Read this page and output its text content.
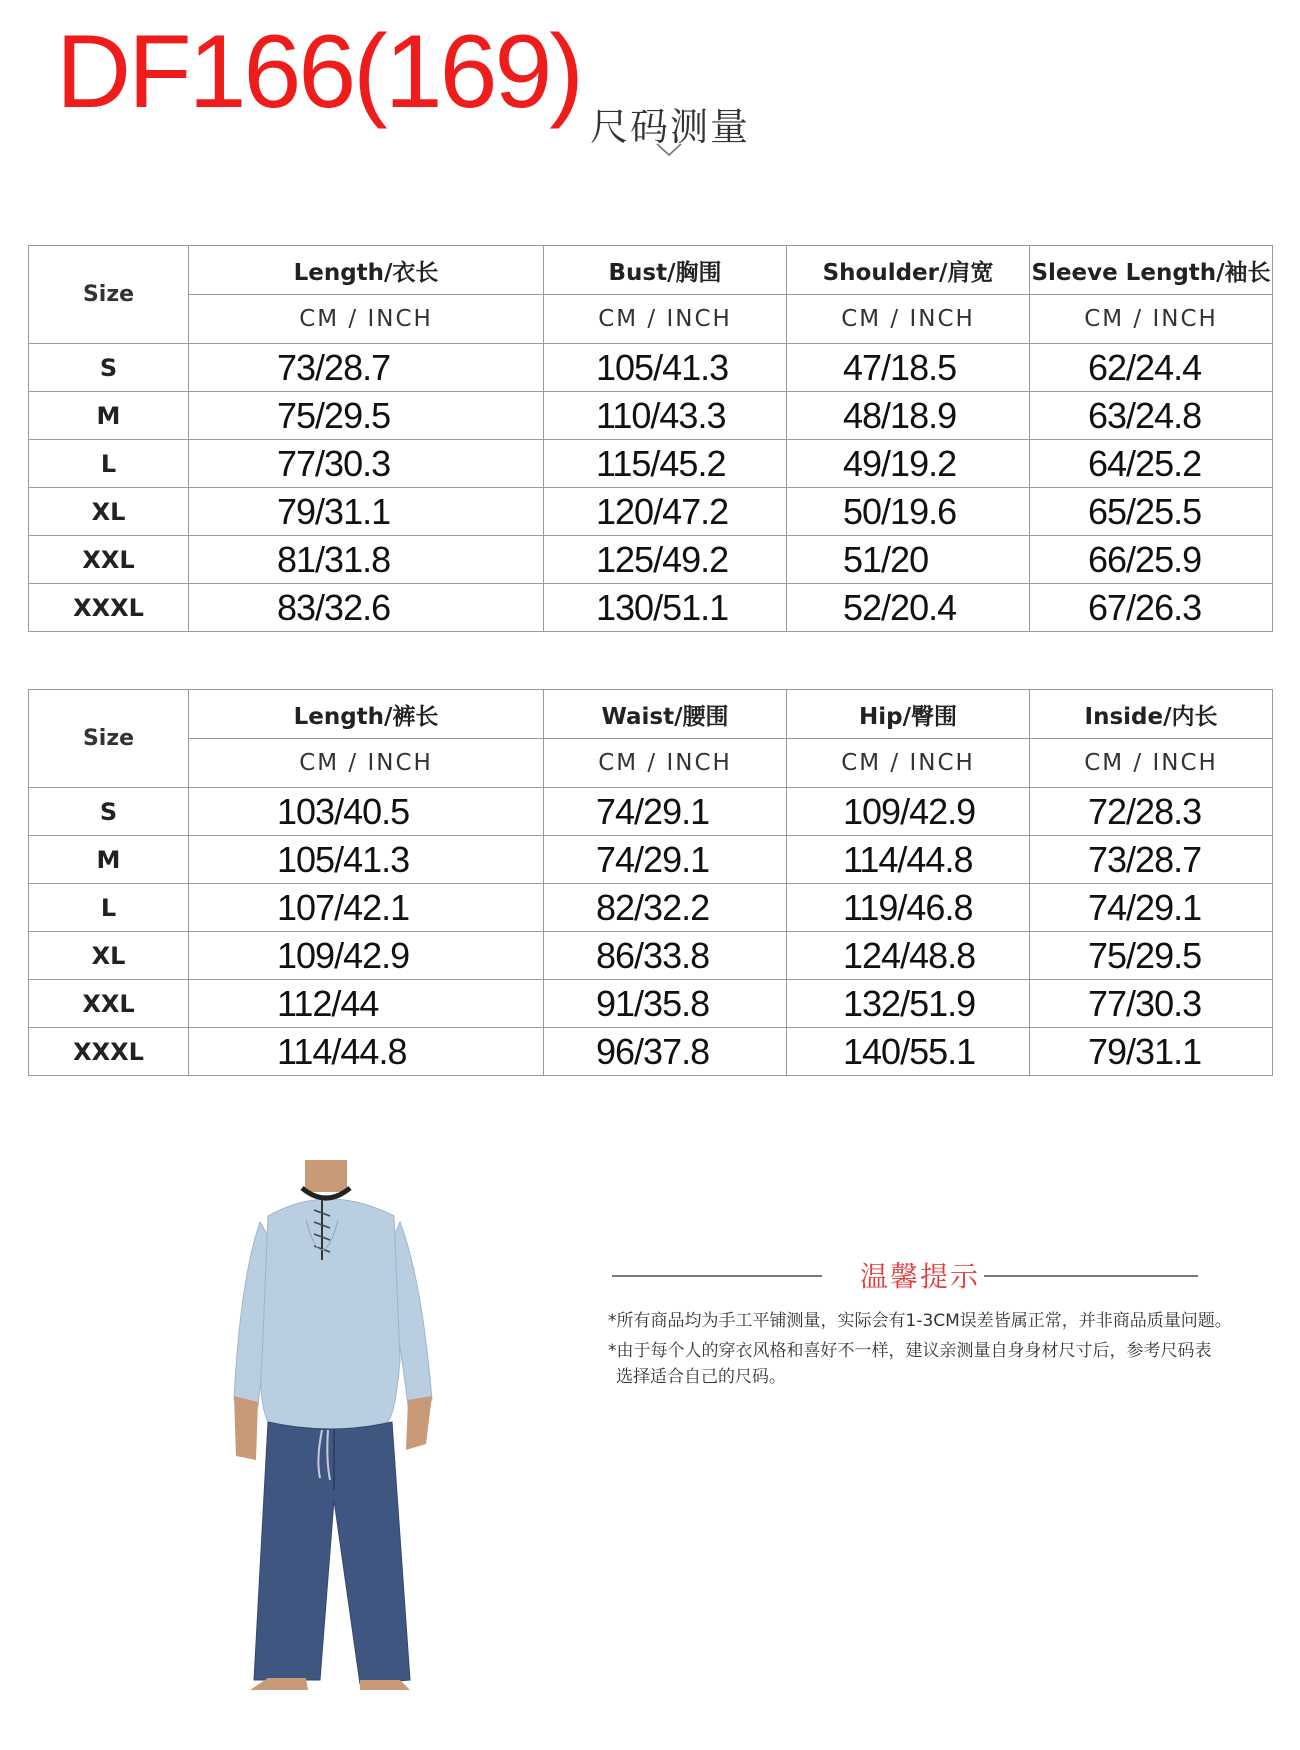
DF166(169) 尺码测量
Size	Length/衣长	Bust/胸围	Shoulder/肩宽	Sleeve Length/袖长
	CM / INCH	CM / INCH	CM / INCH	CM / INCH
S	73/28.7	105/41.3	47/18.5	62/24.4
M	75/29.5	110/43.3	48/18.9	63/24.8
L	77/30.3	115/45.2	49/19.2	64/25.2
XL	79/31.1	120/47.2	50/19.6	65/25.5
XXL	81/31.8	125/49.2	51/20	66/25.9
XXXL	83/32.6	130/51.1	52/20.4	67/26.3
Size	Length/裤长	Waist/腰围	Hip/臀围	Inside/内长
	CM / INCH	CM / INCH	CM / INCH	CM / INCH
S	103/40.5	74/29.1	109/42.9	72/28.3
M	105/41.3	74/29.1	114/44.8	73/28.7
L	107/42.1	82/32.2	119/46.8	74/29.1
XL	109/42.9	86/33.8	124/48.8	75/29.5
XXL	112/44	91/35.8	132/51.9	77/30.3
XXXL	114/44.8	96/37.8	140/55.1	79/31.1
温馨提示
*所有商品均为手工平铺测量，实际会有1-3CM误差皆属正常，并非商品质量问题。
*由于每个人的穿衣风格和喜好不一样，建议亲测量自身身材尺寸后，参考尺码表
选择适合自己的尺码。
